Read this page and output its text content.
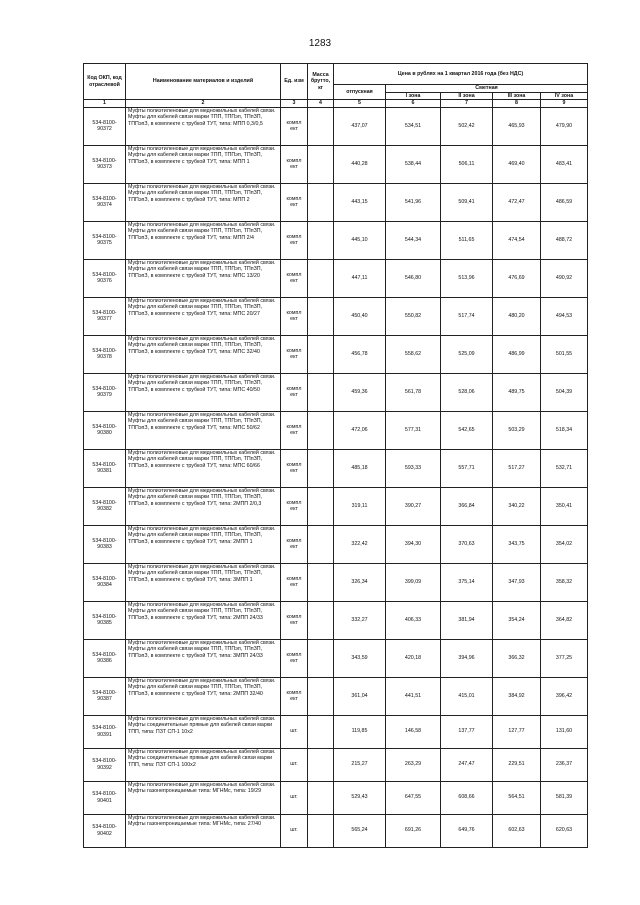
1283
Код ОКП, код отраслевой	Наименование материалов и изделий	Ед. изм	Масса брутто, кг	Цена в рублях на 1 квартал 2016 года (без НДС)				
				отпускная	Сметная			
					I зона	II зона	III зона	IV зона
1	2	3	4	5	6	7	8	9
534-8100-90372	Муфты полиэтиленовые для медножильных кабелей связи. Муфты для кабелей связи марки ТПП, ТППэп, ТПпЗП, ТППэпЗ, в комплекте с трубкой ТУТ, типа: МПП 0,3/0,5	компл ект		437,07	534,51	502,42	465,93	479,90
534-8100-90373	Муфты полиэтиленовые для медножильных кабелей связи. Муфты для кабелей связи марки ТПП, ТППэп, ТПпЗП, ТППэпЗ, в комплекте с трубкой ТУТ, типа: МПП 1	компл ект		440,28	538,44	506,11	469,40	483,41
534-8100-90374	Муфты полиэтиленовые для медножильных кабелей связи. Муфты для кабелей связи марки ТПП, ТППэп, ТПпЗП, ТППэпЗ, в комплекте с трубкой ТУТ, типа: МПП 2	компл ект		443,15	541,96	509,41	472,47	486,59
534-8100-90375	Муфты полиэтиленовые для медножильных кабелей связи. Муфты для кабелей связи марки ТПП, ТППэп, ТПпЗП, ТППэпЗ, в комплекте с трубкой ТУТ, типа: МПП 2/4	компл ект		445,10	544,34	511,65	474,54	488,72
534-8100-90376	Муфты полиэтиленовые для медножильных кабелей связи. Муфты для кабелей связи марки ТПП, ТППэп, ТПпЗП, ТППэпЗ, в комплекте с трубкой ТУТ, типа: МПС 13/20	компл ект		447,11	546,80	513,96	476,69	490,92
534-8100-90377	Муфты полиэтиленовые для медножильных кабелей связи. Муфты для кабелей связи марки ТПП, ТППэп, ТПпЗП, ТППэпЗ, в комплекте с трубкой ТУТ, типа: МПС 20/27	компл ект		450,40	550,82	517,74	480,20	494,53
534-8100-90378	Муфты полиэтиленовые для медножильных кабелей связи. Муфты для кабелей связи марки ТПП, ТППэп, ТПпЗП, ТППэпЗ, в комплекте с трубкой ТУТ, типа: МПС 32/40	компл ект		456,78	558,62	525,09	486,99	501,55
534-8100-90379	Муфты полиэтиленовые для медножильных кабелей связи. Муфты для кабелей связи марки ТПП, ТППэп, ТПпЗП, ТППэпЗ, в комплекте с трубкой ТУТ, типа: МПС 40/50	компл ект		459,36	561,78	528,06	489,75	504,39
534-8100-90380	Муфты полиэтиленовые для медножильных кабелей связи. Муфты для кабелей связи марки ТПП, ТППэп, ТПпЗП, ТППэпЗ, в комплекте с трубкой ТУТ, типа: МПС 50/62	компл ект		472,06	577,31	542,65	503,29	518,34
534-8100-90381	Муфты полиэтиленовые для медножильных кабелей связи. Муфты для кабелей связи марки ТПП, ТППэп, ТПпЗП, ТППэпЗ, в комплекте с трубкой ТУТ, типа: МПС 60/66	компл ект		485,18	593,33	557,71	517,27	532,71
534-8100-90382	Муфты полиэтиленовые для медножильных кабелей связи. Муфты для кабелей связи марки ТПП, ТППэп, ТПпЗП, ТППэпЗ, в комплекте с трубкой ТУТ, типа: 2МПП 2/0,3	компл ект		319,11	390,27	366,84	340,22	350,41
534-8100-90383	Муфты полиэтиленовые для медножильных кабелей связи. Муфты для кабелей связи марки ТПП, ТППэп, ТПпЗП, ТППэпЗ, в комплекте с трубкой ТУТ, типа: 2МПП 1	компл ект		322,42	394,30	370,63	343,75	354,02
534-8100-90384	Муфты полиэтиленовые для медножильных кабелей связи. Муфты для кабелей связи марки ТПП, ТППэп, ТПпЗП, ТППэпЗ, в комплекте с трубкой ТУТ, типа: 3МПП 1	компл ект		326,34	399,09	375,14	347,93	358,32
534-8100-90385	Муфты полиэтиленовые для медножильных кабелей связи. Муфты для кабелей связи марки ТПП, ТППэп, ТПпЗП, ТППэпЗ, в комплекте с трубкой ТУТ, типа: 2МПП 24/33	компл ект		332,27	406,33	381,94	354,24	364,82
534-8100-90386	Муфты полиэтиленовые для медножильных кабелей связи. Муфты для кабелей связи марки ТПП, ТППэп, ТПпЗП, ТППэпЗ, в комплекте с трубкой ТУТ, типа: 3МПП 24/33	компл ект		343,59	420,18	394,96	366,32	377,25
534-8100-90387	Муфты полиэтиленовые для медножильных кабелей связи. Муфты для кабелей связи марки ТПП, ТППэп, ТПпЗП, ТППэпЗ, в комплекте с трубкой ТУТ, типа: 2МПП 32/40	компл ект		361,04	441,51	415,01	384,92	396,42
534-8100-90391	Муфты полиэтиленовые для медножильных кабелей связи. Муфты соединительные прямые для кабелей связи марки ТПП, типа: ПЗТ СП-1 10х2	шт.		119,85	146,58	137,77	127,77	131,60
534-8100-90392	Муфты полиэтиленовые для медножильных кабелей связи. Муфты соединительные прямые для кабелей связи марки ТПП, типа: ПЗТ СП-1 100х2	шт.		215,27	263,29	247,47	229,51	236,37
534-8100-90401	Муфты полиэтиленовые для медножильных кабелей связи. Муфты газонепроницаемые типа: МГНМс, типа: 19/29	шт.		529,43	647,55	608,66	564,51	581,39
534-8100-90402	Муфты полиэтиленовые для медножильных кабелей связи. Муфты газонепроницаемые типа: МГНМс, типа: 27/40	шт.		565,24	691,26	649,76	602,63	620,63
